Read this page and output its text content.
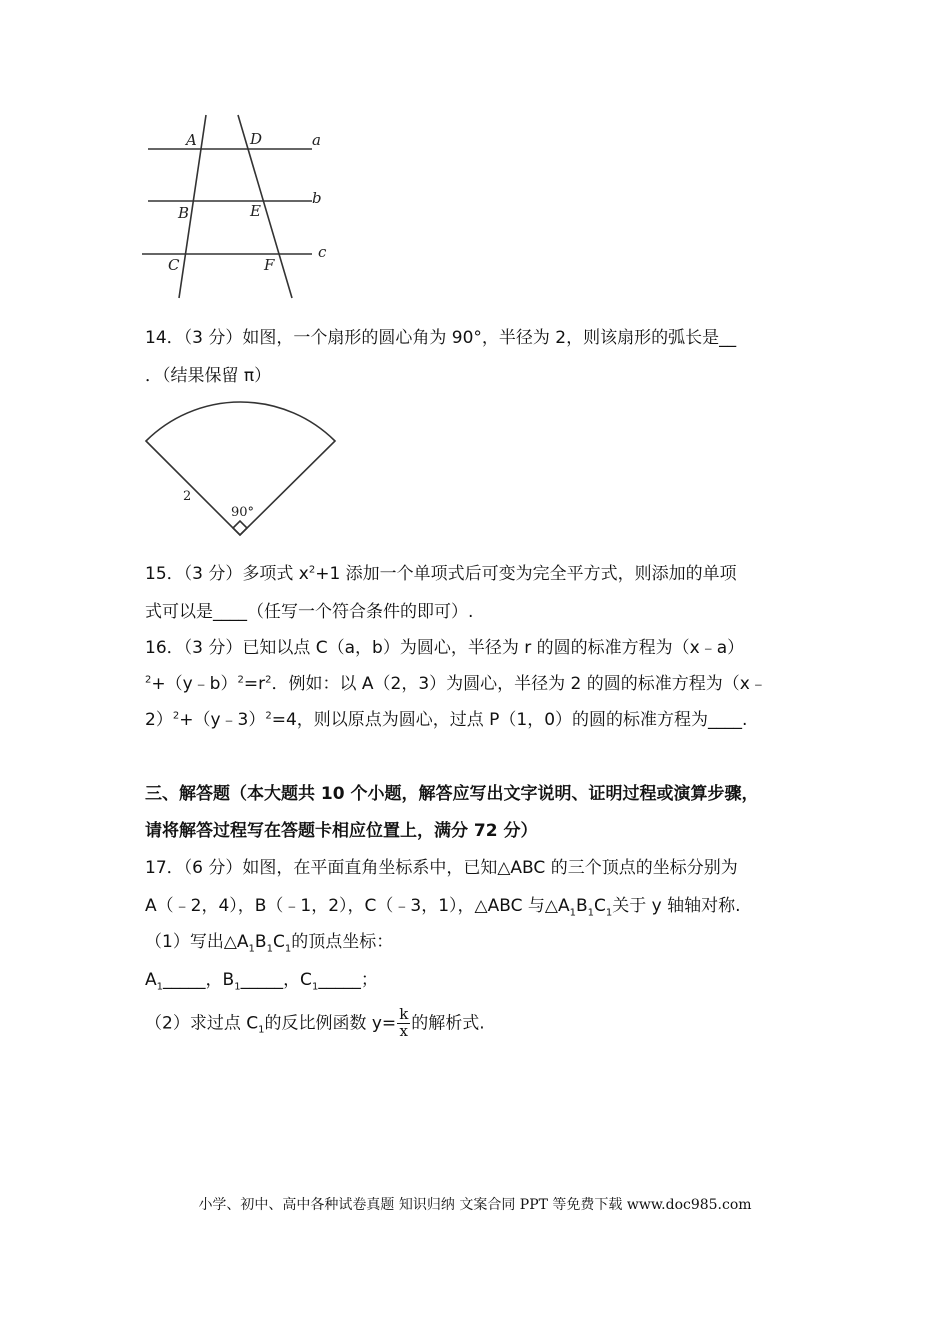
A	D	a
B	E
b
C	F
c
14．（3 分）如图，一个扇形的圆心角为 90°，半径为 2，则该扇形的弧长是__
．（结果保留 π）
2
90°
15．（3 分）多项式 $x^2+1$ 添加一个单项式后可变为完全平方式，则添加的单项
式可以是____（任写一个符合条件的即可）.
16．（3 分）已知以点 C（a，b）为圆心，半径为 r 的圆的标准方程为（x﹣a）
$^2+(y﹣b)^2=r^2$．例如：以 A（2，3）为圆心，半径为 2 的圆的标准方程为（x﹣
2）$^2$+（y﹣3）$^2$=4，则以原点为圆心，过点 P（1，0）的圆的标准方程为____.
三、解答题（本大题共 10 个小题，解答应写出文字说明、证明过程或演算步骤，
请将解答过程写在答题卡相应位置上，满分 72 分）
17．（6 分）如图，在平面直角坐标系中，已知△ABC 的三个顶点的坐标分别为
A（﹣2，4），B（﹣1，2），C（﹣3，1），△ABC 与$\triangle A_1B_1C_1$关于 y 轴轴对称.
（1）写出$\triangle A_1B_1C_1$的顶点坐标：
$A_1\_\_\_\_\_$，$B_1\_\_\_\_\_$，$C_1\_\_\_\_\_$；
（2）求过点 $C_1$的反比例函数 $y= \frac{k}{x}$ 的解析式.
小学、初中、高中各种试卷真题 知识归纳 文案合同 PPT 等免费下载 www.doc985.com
